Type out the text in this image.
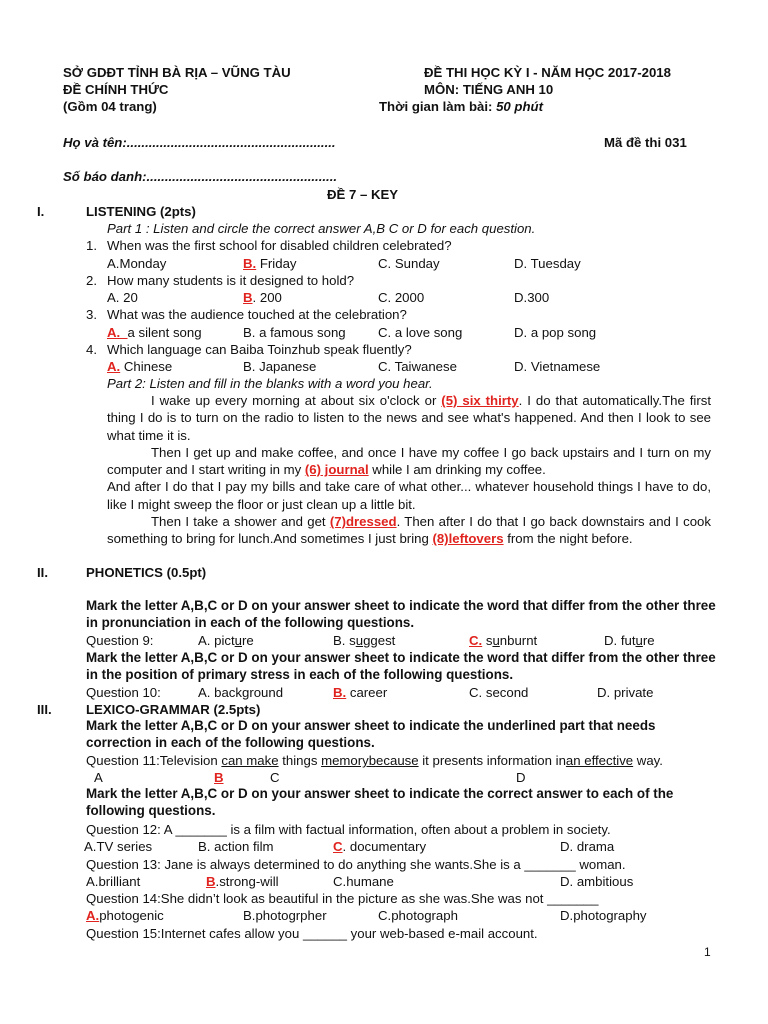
SỞ GDĐT TỈNH BÀ RỊA – VŨNG TÀU
ĐỀ CHÍNH THỨC
(Gồm 04 trang)
ĐỀ THI HỌC KỲ I - NĂM HỌC 2017-2018
MÔN: TIẾNG ANH 10
Thời gian làm bài: 50 phút
Họ và tên:.........................................................	Mã đề thi 031
Số báo danh:....................................................
ĐỀ 7 – KEY
I.	LISTENING (2pts)
Part 1 : Listen and circle the correct answer A,B C or D for each question.
1. When was the first school for disabled children celebrated?
A.Monday	B. Friday	C. Sunday	D. Tuesday
2. How many students is it designed to hold?
A. 20	B. 200	C. 2000	D.300
3. What was the audience touched at the celebration?
A.  a silent song	B. a famous song C. a love song	D. a pop song
4. Which language can Baiba Toinzhub speak fluently?
A. Chinese	B. Japanese	C. Taiwanese	D. Vietnamese
Part 2: Listen and fill in the blanks with a word you hear.

I wake up every morning at about six o'clock or (5) six thirty. I do that automatically.The first thing I do is to turn on the radio to listen to the news and see what's happened. And then I look to see what time it is.

Then I get up and make coffee, and once I have my coffee I go back upstairs and I turn on my computer and I start writing in my (6) journal while I am drinking my coffee.

And after I do that I pay my bills and take care of what other... whatever household things I have to do, like I might sweep the floor or just clean up a little bit.

Then I take a shower and get (7)dressed. Then after I do that I go back downstairs and I cook something to bring for lunch.And sometimes I just bring (8)leftovers from the night before.

II.	PHONETICS (0.5pt)
Mark the letter A,B,C or D on your answer sheet to indicate the word that differ from the other three in pronunciation in each of the following questions.
Question 9:	A. picture	B. suggest	C. sunburnt	D. future
Mark the letter A,B,C or D on your answer sheet to indicate the word that differ from the other three in the position of primary stress in each of the following questions.
Question 10:	A. background	B. career	C. second	D. private
III.	LEXICO-GRAMMAR (2.5pts)
Mark the letter A,B,C or D on your answer sheet to indicate the underlined part that needs correction in each of the following questions.
Question 11:Television can make things memorybecause it presents information inan effective way.
A	B	C	D
Mark the letter A,B,C or D on your answer sheet to indicate the correct answer to each of the following questions.
Question 12: A _______ is a film with factual information, often about a problem in society.
A.TV series	B. action film	C. documentary	D. drama
Question 13: Jane is always determined to do anything she wants.She is a _______ woman.
A.brilliant	B.strong-will	C.humane	D. ambitious
Question 14:She didn’t look as beautiful in the picture as she was.She was not _______
A.photogenic	B.photogrpher	C.photograph	D.photography
Question 15:Internet cafes allow you ______ your web-based e-mail account.
1
